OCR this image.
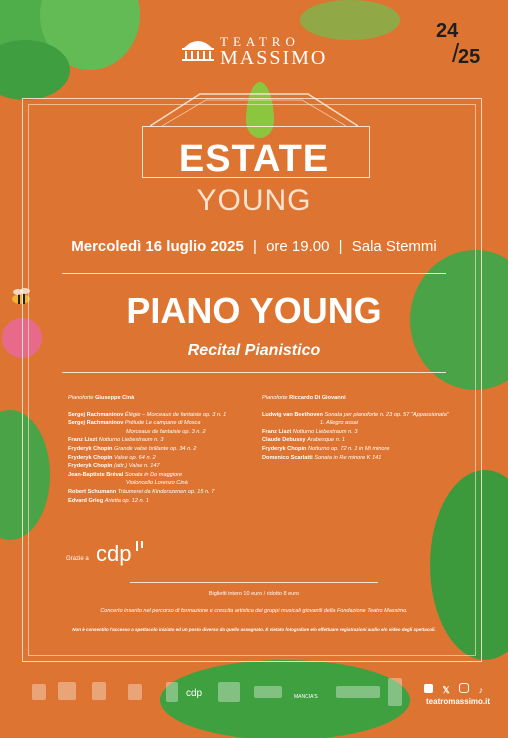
TEATRO
MASSIMO
24
/
25
ESTATE
YOUNG
Mercoledì 16 luglio 2025 | ore 19.00 | Sala Stemmi
PIANO YOUNG
Recital Pianistico
Pianoforte Giuseppe Cinà
Sergej Rachmaninov Élégie – Morceaux de fantaisie op. 3 n. 1
Sergej Rachmaninov Prélude Le campane di Mosca
Morceaux de fantaisie op. 3 n. 2
Franz Liszt Notturno Liebestraum n. 3
Fryderyk Chopin Grande valse brillante op. 34 n. 2
Fryderyk Chopin Valse op. 64 n. 2
Fryderyk Chopin (attr.) Valse n. 147
Jean-Baptiste Bréval Sonata in Do maggiore
Violoncello Lorenzo Cinà
Robert Schumann Träumerei da Kinderszenen op. 15 n. 7
Edvard Grieg Arietta op. 12 n. 1
Pianoforte Riccardo Di Giovanni
Ludwig van Beethoven Sonata per pianoforte n. 23 op. 57 "Appassionata"
1. Allegro assai
Franz Liszt Notturno Liebestraum n. 3
Claude Debussy Arabesque n. 1
Fryderyk Chopin Notturno op. 72 n. 1 in Mi minore
Domenico Scarlatti Sonata in Re minore K 141
Grazie a cdp
Biglietti intero 10 euro / ridotto 8 euro
Concerto inserito nel percorso di formazione e crescita artistica dei gruppi musicali giovanili della Fondazione Teatro Massimo.
Non è consentito l'accesso a spettacolo iniziato ed un posto diverso da quello assegnato. È vietato fotografare e/o effettuare registrazioni audio e/o video degli spettacoli.
cdp	MANCIA'S
𝕏	♪
teatromassimo.it
